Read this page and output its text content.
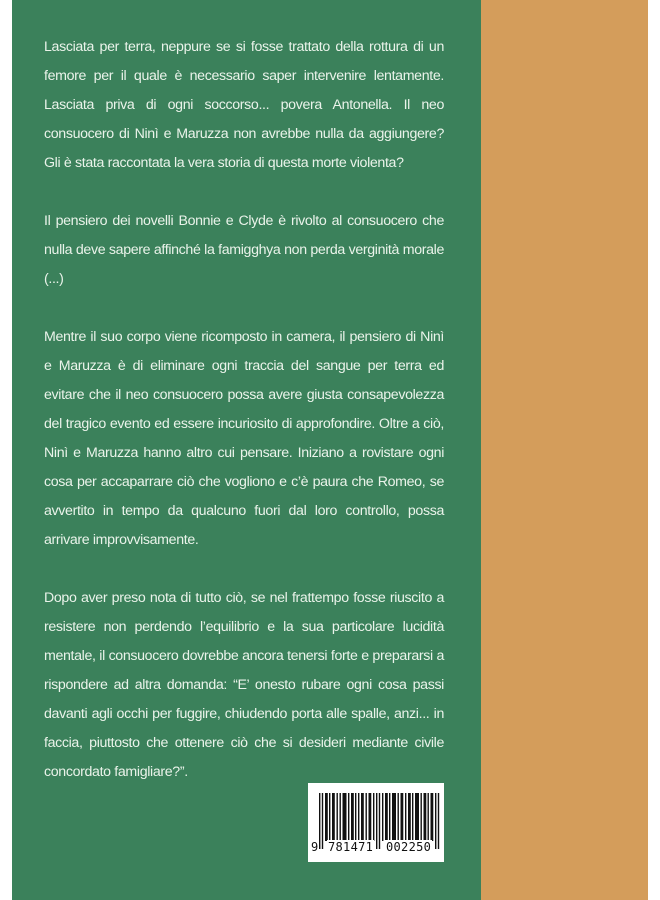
Lasciata per terra, neppure se si fosse trattato della rottura di un femore per il quale è necessario saper intervenire lentamente. Lasciata priva di ogni soccorso... povera Antonella. Il neo consuocero di Ninì e Maruzza non avrebbe nulla da aggiungere? Gli è stata raccontata la vera storia di questa morte violenta?

Il pensiero dei novelli Bonnie e Clyde è rivolto al consuocero che nulla deve sapere affinché la famigghya non perda verginità morale (...)

Mentre il suo corpo viene ricomposto in camera, il pensiero di Ninì e Maruzza è di eliminare ogni traccia del sangue per terra ed evitare che il neo consuocero possa avere giusta consapevolezza del tragico evento ed essere incuriosito di approfondire. Oltre a ciò, Ninì e Maruzza hanno altro cui pensare. Iniziano a rovistare ogni cosa per accaparrare ciò che vogliono e c’è paura che Romeo, se avvertito in tempo da qualcuno fuori dal loro controllo, possa arrivare improvvisamente.

Dopo aver preso nota di tutto ciò, se nel frattempo fosse riuscito a resistere non perdendo l’equilibrio e la sua particolare lucidità mentale, il consuocero dovrebbe ancora tenersi forte e prepararsi a rispondere ad altra domanda: “E’ onesto rubare ogni cosa passi davanti agli occhi per fuggire, chiudendo porta alle spalle, anzi... in faccia, piuttosto che ottenere ciò che si desideri mediante civile concordato famigliare?”.

9 781471 002250
